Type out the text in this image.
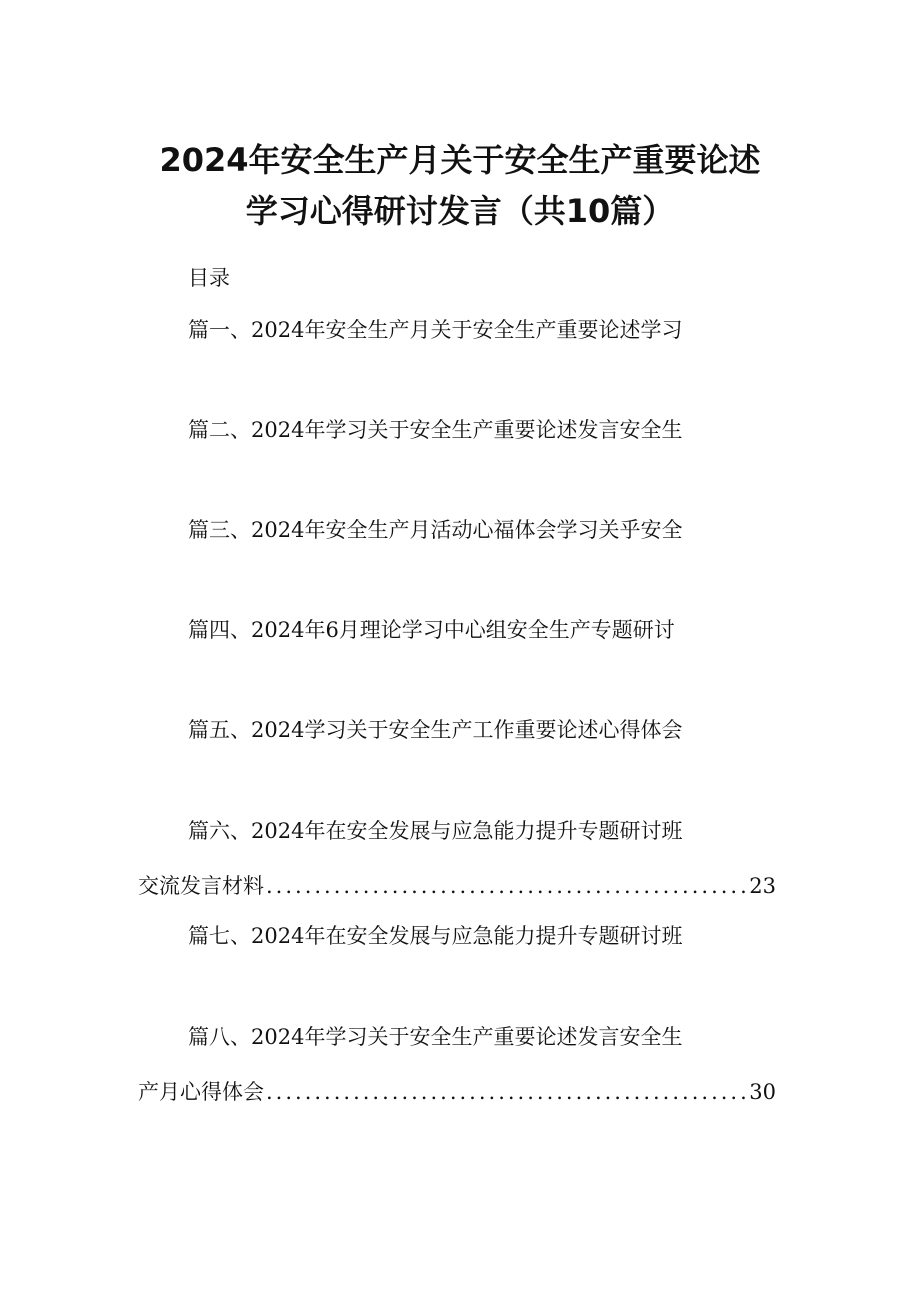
2024年安全生产月关于安全生产重要论述
学习心得研讨发言（共10篇）
目录
篇一、2024年安全生产月关于安全生产重要论述学习
篇二、2024年学习关于安全生产重要论述发言安全生
篇三、2024年安全生产月活动心福体会学习关乎安全
篇四、2024年6月理论学习中心组安全生产专题研讨
篇五、2024学习关于安全生产工作重要论述心得体会
篇六、2024年在安全发展与应急能力提升专题研讨班
交流发言材料 .....	23
篇七、2024年在安全发展与应急能力提升专题研讨班
篇八、2024年学习关于安全生产重要论述发言安全生
产月心得体会 .....	30
